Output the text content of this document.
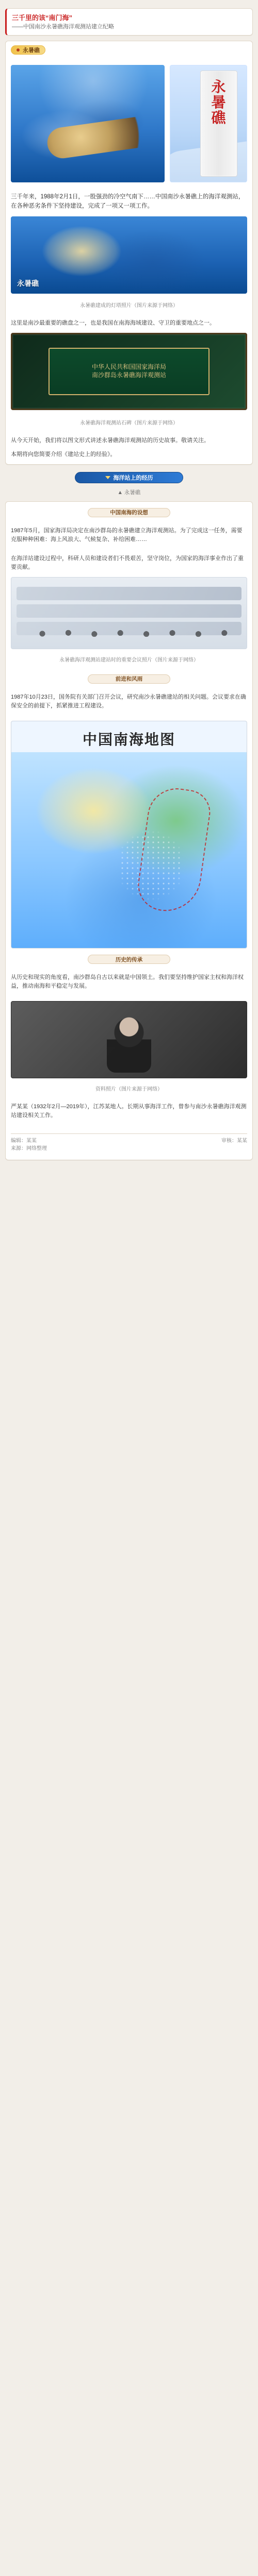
三千里的该“南门海”
——中国南沙永暑礁海洋观测站建立纪略
永暑礁
永
暑
礁
三千年来，1988年2月1日，一股强劲的冷空气南下……中国南沙永暑礁上的海洋观测站，在各种恶劣条件下坚持建设，完成了一项又一项工作。
永暑礁
永暑礁建成的灯塔照片（图片来源于网络）
这里是南沙最重要的礁盘之一，也是我国在南海海域建设、守卫的重要地点之一。
中华人民共和国国家海洋局
南沙群岛永暑礁海洋观测站
永暑礁海洋观测站石碑（图片来源于网络）
从今天开始，我们将以图文形式讲述永暑礁海洋观测站的历史故事。敬请关注。
本期将向您简要介绍《建站史上的经验》。
海洋站上的经历
▲ 永暑礁
中国南海的设想
1987年5月，国家海洋局决定在南沙群岛的永暑礁建立海洋观测站。为了完成这一任务，需要克服种种困难：海上风浪大、气候复杂、补给困难……
在海洋站建设过程中，科研人员和建设者们不畏艰苦，坚守岗位，为国家的海洋事业作出了重要贡献。
永暑礁海洋观测站建站时的重要会议照片（图片来源于网络）
前进和风雨
1987年10月23日，国务院有关部门召开会议，研究南沙永暑礁建站的相关问题。会议要求在确保安全的前提下，抓紧推进工程建设。
中国南海地图
历史的传承
从历史和现实的角度看，南沙群岛自古以来就是中国领土。我们要坚持维护国家主权和海洋权益，推动南海和平稳定与发展。
资料照片（图片来源于网络）
严某某（1932年2月—2019年），江苏某地人。长期从事海洋工作，曾参与南沙永暑礁海洋观测站建设相关工作。
编辑：某某	审核：某某
来源：网络整理
